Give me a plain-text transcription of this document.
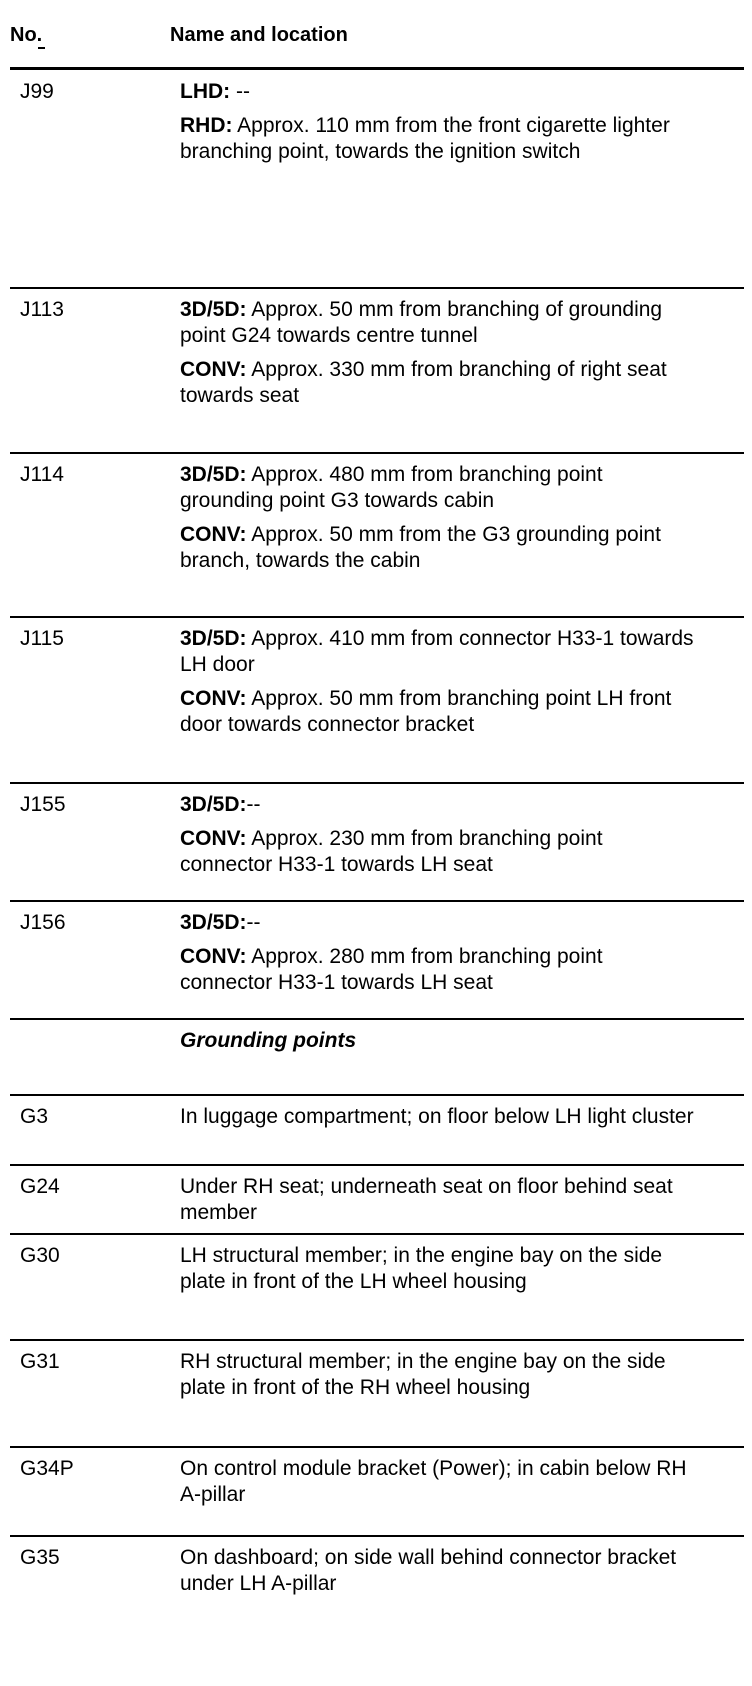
No.	Name and location
J99	LHD: --
RHD: Approx. 110 mm from the front cigarette lighter branching point, towards the ignition switch
J113	3D/5D: Approx. 50 mm from branching of grounding point G24 towards centre tunnel
CONV: Approx. 330 mm from branching of right seat towards seat
J114	3D/5D: Approx. 480 mm from branching point grounding point G3 towards cabin
CONV: Approx. 50 mm from the G3 grounding point branch, towards the cabin
J115	3D/5D: Approx. 410 mm from connector H33-1 towards LH door
CONV: Approx. 50 mm from branching point LH front door towards connector bracket
J155	3D/5D:--
CONV: Approx. 230 mm from branching point connector H33-1 towards LH seat
J156	3D/5D:--
CONV: Approx. 280 mm from branching point connector H33-1 towards LH seat
Grounding points
G3	In luggage compartment; on floor below LH light cluster
G24	Under RH seat; underneath seat on floor behind seat member
G30	LH structural member; in the engine bay on the side plate in front of the LH wheel housing
G31	RH structural member; in the engine bay on the side plate in front of the RH wheel housing
G34P	On control module bracket (Power); in cabin below RH A-pillar
G35	On dashboard; on side wall behind connector bracket under LH A-pillar
